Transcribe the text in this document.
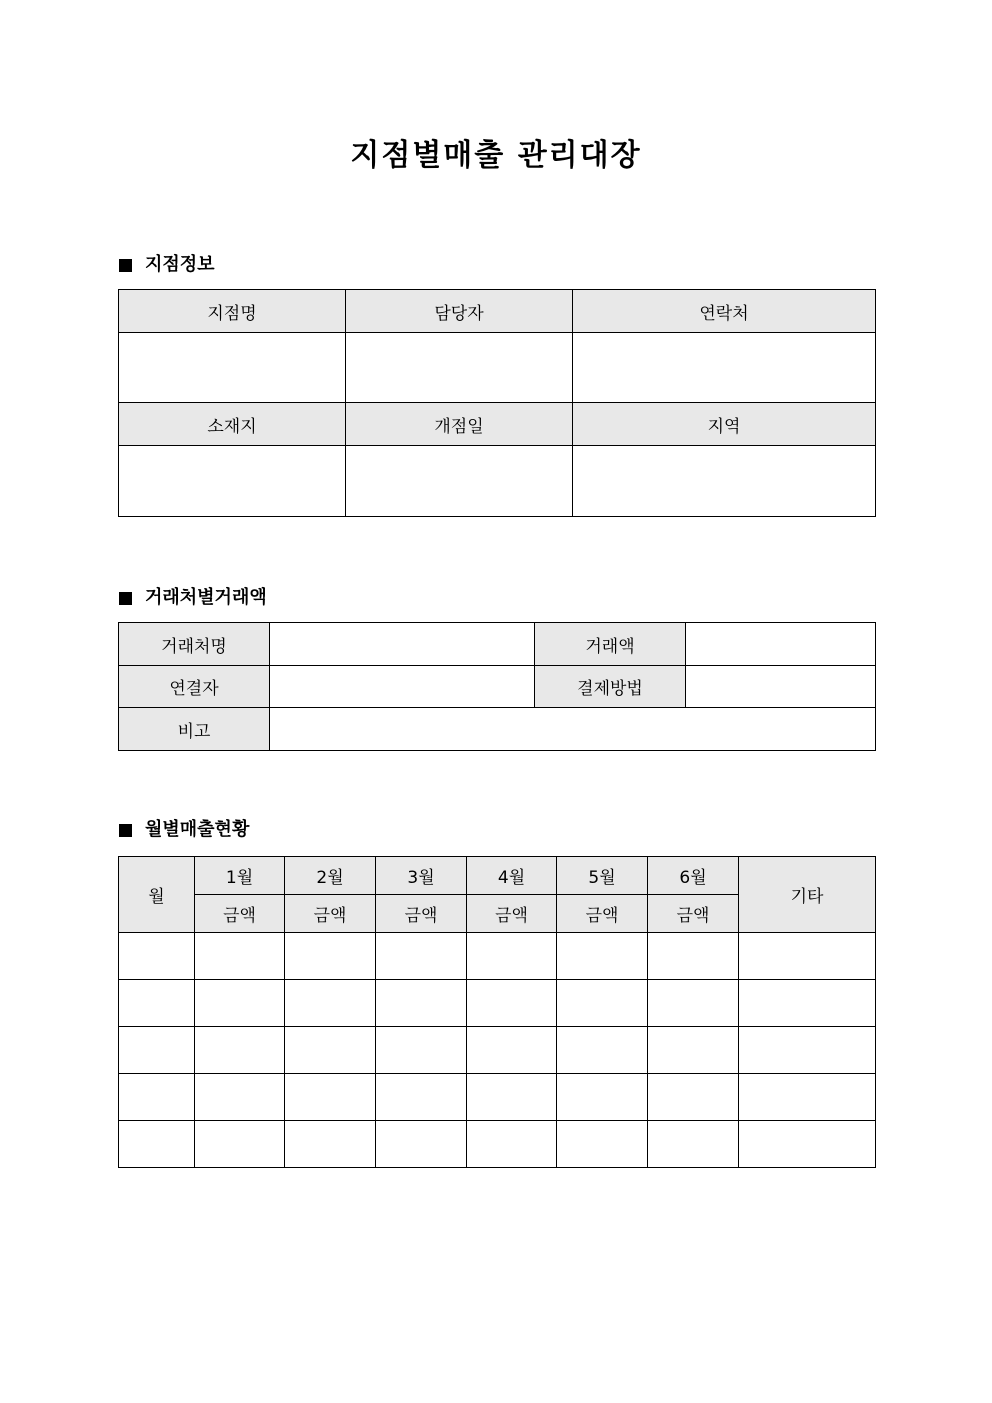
지점별매출 관리대장
지점정보
지점명	담당자	연락처

소재지	개점일	지역

거래처별거래액
거래처명		거래액	
연결자		결제방법	
비고			
월별매출현황
월	1월	2월	3월	4월	5월	6월	기타
	금액	금액	금액	금액	금액	금액	
